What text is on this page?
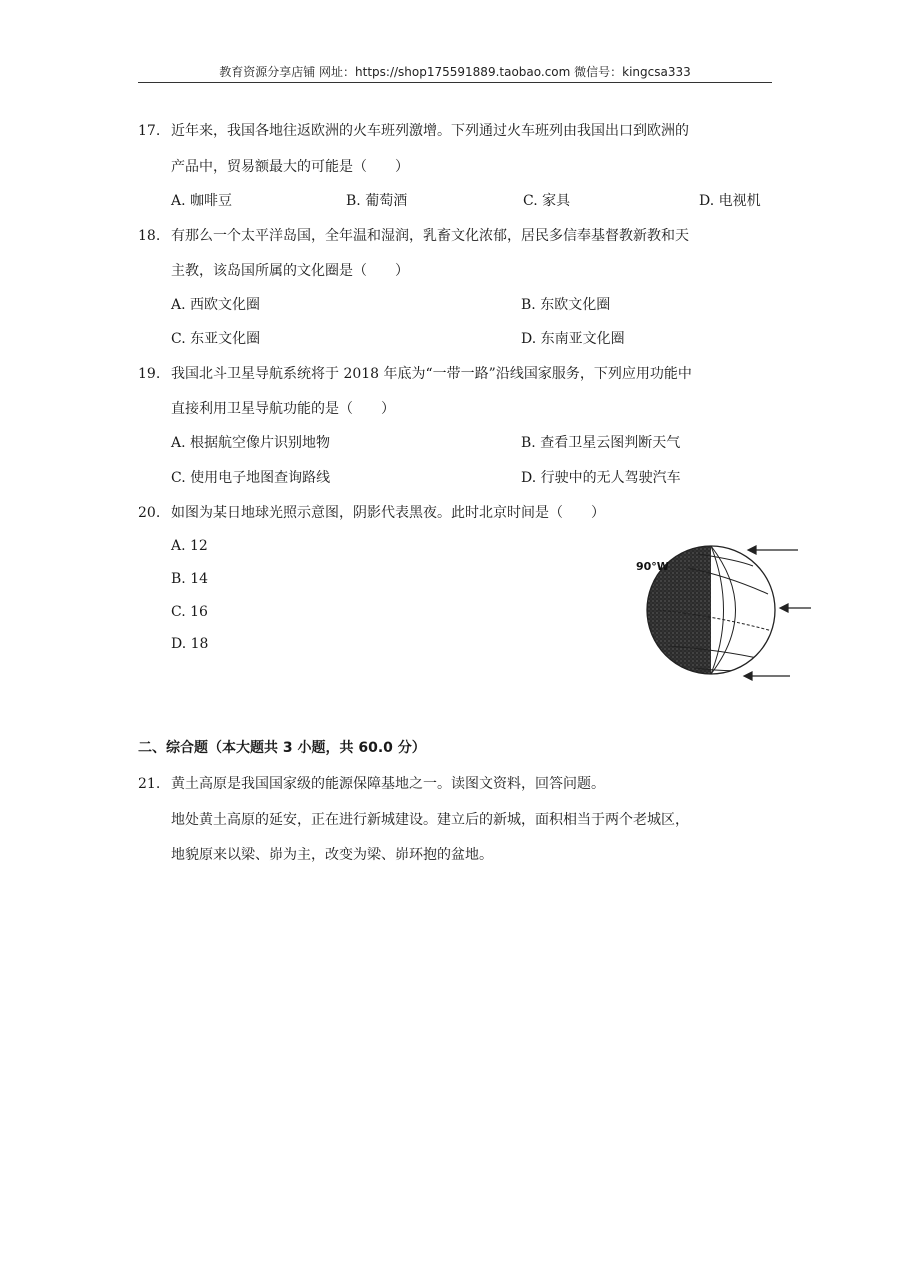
教育资源分享店铺 网址：https://shop175591889.taobao.com 微信号：kingcsa333
17. 近年来，我国各地往返欧洲的火车班列激增。下列通过火车班列由我国出口到欧洲的
产品中，贸易额最大的可能是（　　）
A. 咖啡豆	B. 葡萄酒	C. 家具	D. 电视机
18. 有那么一个太平洋岛国，全年温和湿润，乳畜文化浓郁，居民多信奉基督教新教和天
主教，该岛国所属的文化圈是（　　）
A. 西欧文化圈	B. 东欧文化圈
C. 东亚文化圈	D. 东南亚文化圈
19. 我国北斗卫星导航系统将于 2018 年底为“一带一路”沿线国家服务，下列应用功能中
直接利用卫星导航功能的是（　　）
A. 根据航空像片识别地物	B. 查看卫星云图判断天气
C. 使用电子地图查询路线	D. 行驶中的无人驾驶汽车
20. 如图为某日地球光照示意图，阴影代表黑夜。此时北京时间是（　　）
A. 12
B. 14
C. 16
D. 18
90°W
二、综合题（本大题共 3 小题，共 60.0 分）
21. 黄土高原是我国国家级的能源保障基地之一。读图文资料，回答问题。
地处黄土高原的延安，正在进行新城建设。建立后的新城，面积相当于两个老城区，
地貌原来以梁、峁为主，改变为梁、峁环抱的盆地。
